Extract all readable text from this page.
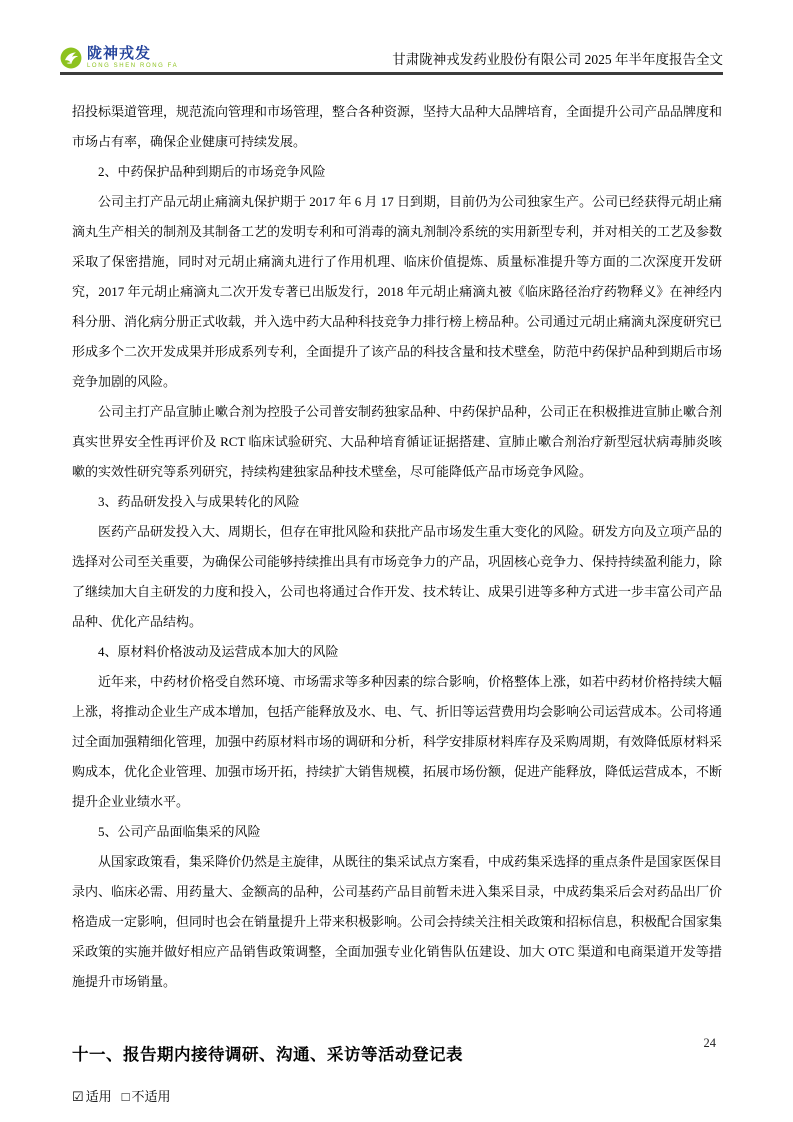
陇神戎发
LONG SHEN RONG FA	甘肃陇神戎发药业股份有限公司 2025 年半年度报告全文

招投标渠道管理，规范流向管理和市场管理，整合各种资源，坚持大品种大品牌培育，全面提升公司产品品牌度和市场占有率，确保企业健康可持续发展。

2、中药保护品种到期后的市场竞争风险

公司主打产品元胡止痛滴丸保护期于 2017 年 6 月 17 日到期，目前仍为公司独家生产。公司已经获得元胡止痛滴丸生产相关的制剂及其制备工艺的发明专利和可消毒的滴丸剂制冷系统的实用新型专利，并对相关的工艺及参数采取了保密措施，同时对元胡止痛滴丸进行了作用机理、临床价值提炼、质量标准提升等方面的二次深度开发研究，2017 年元胡止痛滴丸二次开发专著已出版发行，2018 年元胡止痛滴丸被《临床路径治疗药物释义》在神经内科分册、消化病分册正式收载，并入选中药大品种科技竞争力排行榜上榜品种。公司通过元胡止痛滴丸深度研究已形成多个二次开发成果并形成系列专利，全面提升了该产品的科技含量和技术壁垒，防范中药保护品种到期后市场竞争加剧的风险。

公司主打产品宣肺止嗽合剂为控股子公司普安制药独家品种、中药保护品种，公司正在积极推进宣肺止嗽合剂真实世界安全性再评价及 RCT 临床试验研究、大品种培育循证证据搭建、宣肺止嗽合剂治疗新型冠状病毒肺炎咳嗽的实效性研究等系列研究，持续构建独家品种技术壁垒，尽可能降低产品市场竞争风险。

3、药品研发投入与成果转化的风险

医药产品研发投入大、周期长，但存在审批风险和获批产品市场发生重大变化的风险。研发方向及立项产品的选择对公司至关重要，为确保公司能够持续推出具有市场竞争力的产品，巩固核心竞争力、保持持续盈利能力，除了继续加大自主研发的力度和投入，公司也将通过合作开发、技术转让、成果引进等多种方式进一步丰富公司产品品种、优化产品结构。

4、原材料价格波动及运营成本加大的风险

近年来，中药材价格受自然环境、市场需求等多种因素的综合影响，价格整体上涨，如若中药材价格持续大幅上涨，将推动企业生产成本增加，包括产能释放及水、电、气、折旧等运营费用均会影响公司运营成本。公司将通过全面加强精细化管理，加强中药原材料市场的调研和分析，科学安排原材料库存及采购周期，有效降低原材料采购成本，优化企业管理、加强市场开拓，持续扩大销售规模，拓展市场份额，促进产能释放，降低运营成本，不断提升企业业绩水平。

5、公司产品面临集采的风险

从国家政策看，集采降价仍然是主旋律，从既往的集采试点方案看，中成药集采选择的重点条件是国家医保目录内、临床必需、用药量大、金额高的品种，公司基药产品目前暂未进入集采目录，中成药集采后会对药品出厂价格造成一定影响，但同时也会在销量提升上带来积极影响。公司会持续关注相关政策和招标信息，积极配合国家集采政策的实施并做好相应产品销售政策调整，全面加强专业化销售队伍建设、加大 OTC 渠道和电商渠道开发等措施提升市场销量。

十一、报告期内接待调研、沟通、采访等活动登记表
☑ 适用 □ 不适用
24
